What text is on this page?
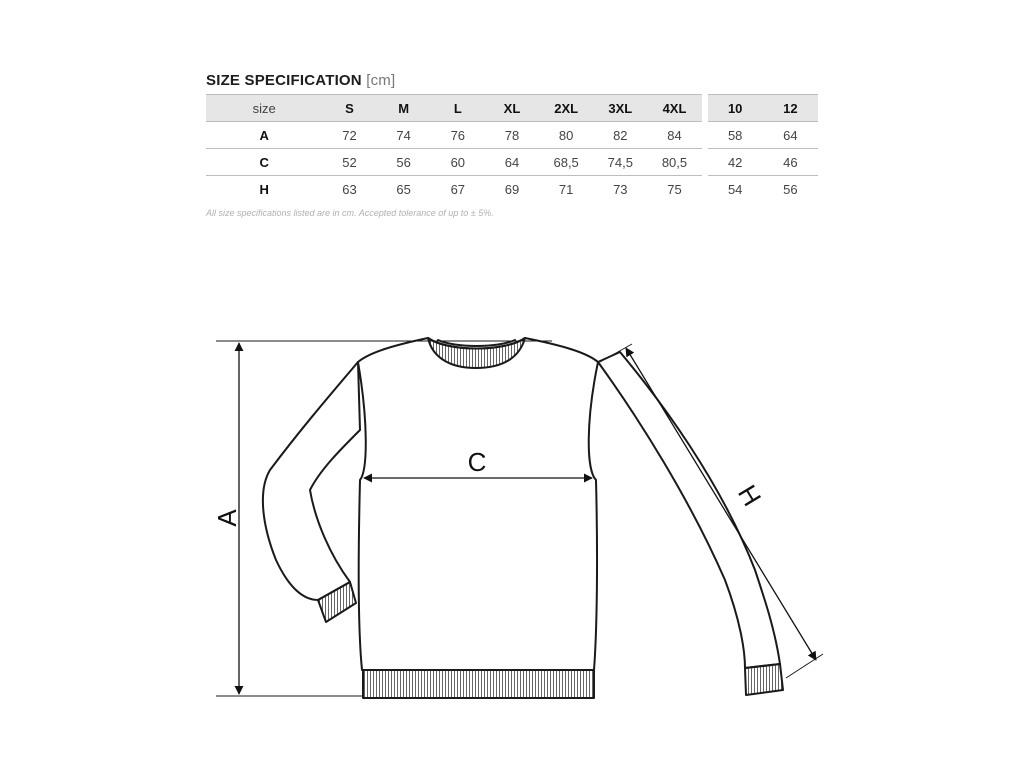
SIZE SPECIFICATION [cm]
size	S	M	L	XL	2XL	3XL	4XL		10	12
A	72	74	76	78	80	82	84		58	64
C	52	56	60	64	68,5	74,5	80,5		42	46
H	63	65	67	69	71	73	75		54	56
All size specifications listed are in cm. Accepted tolerance of up to ± 5%.
A
C
H
